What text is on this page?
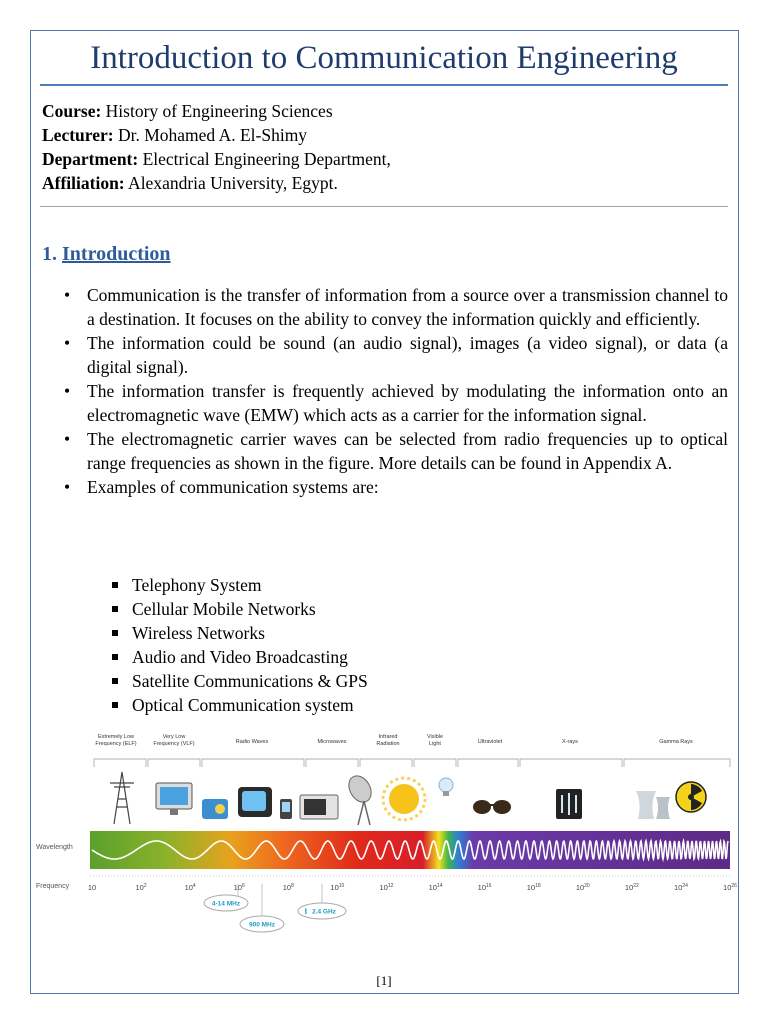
Introduction to Communication Engineering
Course: History of Engineering Sciences
Lecturer: Dr. Mohamed A. El-Shimy
Department: Electrical Engineering Department,
Affiliation: Alexandria University, Egypt.
1. Introduction
• Communication is the transfer of information from a source over a transmission channel to a destination. It focuses on the ability to convey the information quickly and efficiently.
• The information could be sound (an audio signal), images (a video signal), or data (a digital signal).
• The information transfer is frequently achieved by modulating the information onto an electromagnetic wave (EMW) which acts as a carrier for the information signal.
• The electromagnetic carrier waves can be selected from radio frequencies up to optical range frequencies as shown in the figure. More details can be found in Appendix A.
• Examples of communication systems are:
Telephony System
Cellular Mobile Networks
Wireless Networks
Audio and Video Broadcasting
Satellite Communications & GPS
Optical Communication system
Extremely Low
Frequency (ELF)
Very Low
Frequency (VLF)	Radio Waves	Microwaves
Infrared
Radiation
Visible
Light	Ultraviolet	X-rays	Gamma Rays
Wavelength
Frequency	10	$10^2$	$10^4$	$10^6$	$10^8$	$10^{10}$	$10^{12}$	$10^{14}$	$10^{16}$	$10^{18}$	$10^{20}$	$10^{22}$	$10^{24}$	$10^{26}$
4-14 MHz
900 MHz
2.4 GHz
ᛒ
[1]
